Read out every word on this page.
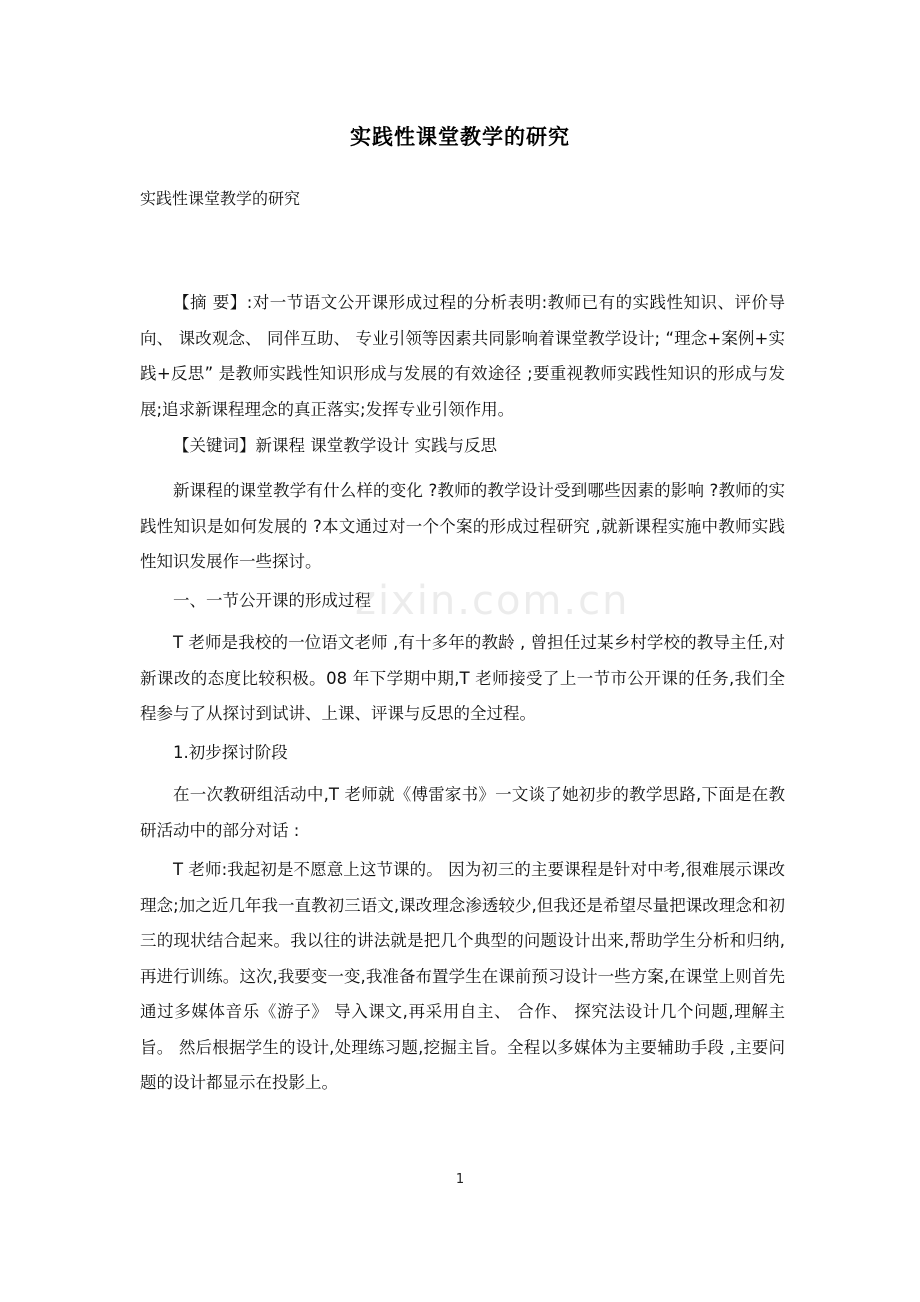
实践性课堂教学的研究
实践性课堂教学的研究

【摘 要】:对一节语文公开课形成过程的分析表明:教师已有的实践性知识、评价导向、 课改观念、 同伴互助、 专业引领等因素共同影响着课堂教学设计; “理念+案例+实践+反思” 是教师实践性知识形成与发展的有效途径 ;要重视教师实践性知识的形成与发展;追求新课程理念的真正落实;发挥专业引领作用。

【关键词】新课程 课堂教学设计 实践与反思

新课程的课堂教学有什么样的变化 ?教师的教学设计受到哪些因素的影响 ?教师的实践性知识是如何发展的 ?本文通过对一个个案的形成过程研究 ,就新课程实施中教师实践性知识发展作一些探讨。

一、一节公开课的形成过程

T 老师是我校的一位语文老师 ,有十多年的教龄 , 曾担任过某乡村学校的教导主任,对新课改的态度比较积极。08 年下学期中期,T 老师接受了上一节市公开课的任务,我们全程参与了从探讨到试讲、上课、评课与反思的全过程。

1.初步探讨阶段

在一次教研组活动中,T 老师就《傅雷家书》一文谈了她初步的教学思路,下面是在教研活动中的部分对话 :

T 老师:我起初是不愿意上这节课的。 因为初三的主要课程是针对中考,很难展示课改理念;加之近几年我一直教初三语文,课改理念渗透较少,但我还是希望尽量把课改理念和初三的现状结合起来。我以往的讲法就是把几个典型的问题设计出来,帮助学生分析和归纳,再进行训练。这次,我要变一变,我准备布置学生在课前预习设计一些方案,在课堂上则首先通过多媒体音乐《游子》 导入课文,再采用自主、 合作、 探究法设计几个问题,理解主旨。 然后根据学生的设计,处理练习题,挖掘主旨。全程以多媒体为主要辅助手段 ,主要问题的设计都显示在投影上。

zixin.com.cn
1
